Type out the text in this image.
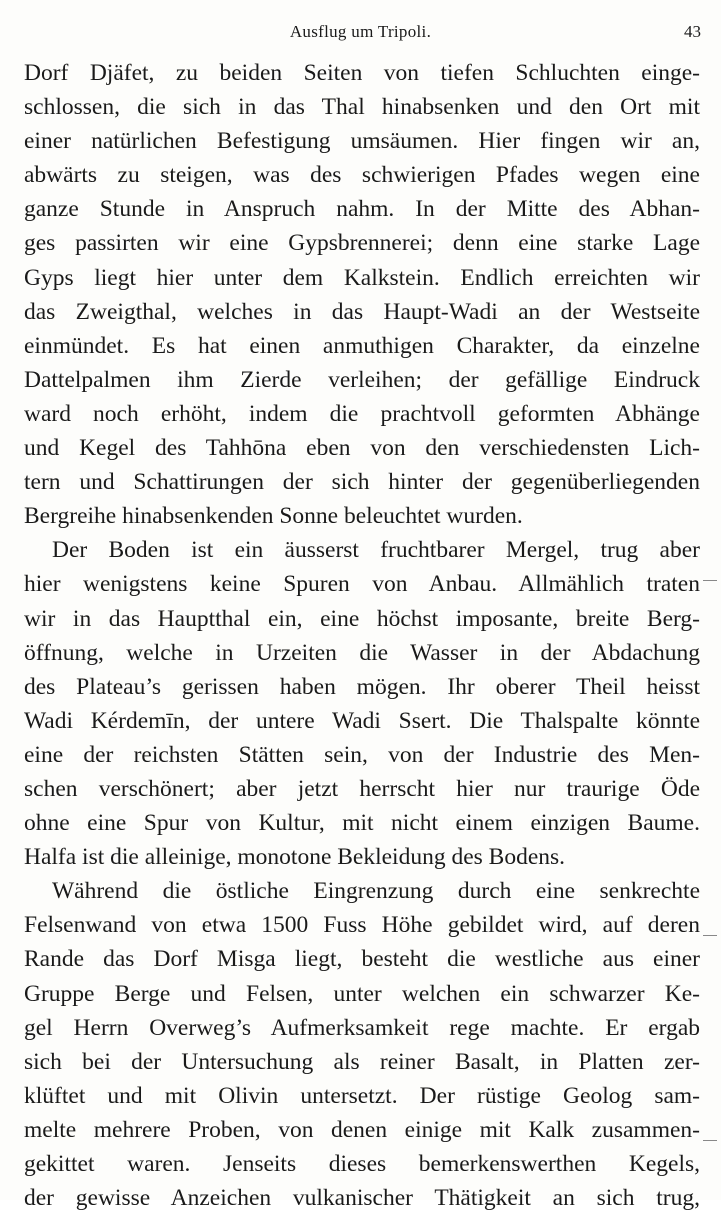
Ausflug um Tripoli.	43
Dorf Djäfet, zu beiden Seiten von tiefen Schluchten einge-
schlossen, die sich in das Thal hinabsenken und den Ort mit
einer natürlichen Befestigung umsäumen. Hier fingen wir an,
abwärts zu steigen, was des schwierigen Pfades wegen eine
ganze Stunde in Anspruch nahm. In der Mitte des Abhan-
ges passirten wir eine Gypsbrennerei; denn eine starke Lage
Gyps liegt hier unter dem Kalkstein. Endlich erreichten wir
das Zweigthal, welches in das Haupt-Wadi an der Westseite
einmündet. Es hat einen anmuthigen Charakter, da einzelne
Dattelpalmen ihm Zierde verleihen; der gefällige Eindruck
ward noch erhöht, indem die prachtvoll geformten Abhänge
und Kegel des Tahhōna eben von den verschiedensten Lich-
tern und Schattirungen der sich hinter der gegenüberliegenden
Bergreihe hinabsenkenden Sonne beleuchtet wurden.
Der Boden ist ein äusserst fruchtbarer Mergel, trug aber
hier wenigstens keine Spuren von Anbau. Allmählich traten
wir in das Hauptthal ein, eine höchst imposante, breite Berg-
öffnung, welche in Urzeiten die Wasser in der Abdachung
des Plateau’s gerissen haben mögen. Ihr oberer Theil heisst
Wadi Kérdemīn, der untere Wadi Ssert. Die Thalspalte könnte
eine der reichsten Stätten sein, von der Industrie des Men-
schen verschönert; aber jetzt herrscht hier nur traurige Öde
ohne eine Spur von Kultur, mit nicht einem einzigen Baume.
Halfa ist die alleinige, monotone Bekleidung des Bodens.
Während die östliche Eingrenzung durch eine senkrechte
Felsenwand von etwa 1500 Fuss Höhe gebildet wird, auf deren
Rande das Dorf Misga liegt, besteht die westliche aus einer
Gruppe Berge und Felsen, unter welchen ein schwarzer Ke-
gel Herrn Overweg’s Aufmerksamkeit rege machte. Er ergab
sich bei der Untersuchung als reiner Basalt, in Platten zer-
klüftet und mit Olivin untersetzt. Der rüstige Geolog sam-
melte mehrere Proben, von denen einige mit Kalk zusammen-
gekittet waren. Jenseits dieses bemerkenswerthen Kegels,
der gewisse Anzeichen vulkanischer Thätigkeit an sich trug,
